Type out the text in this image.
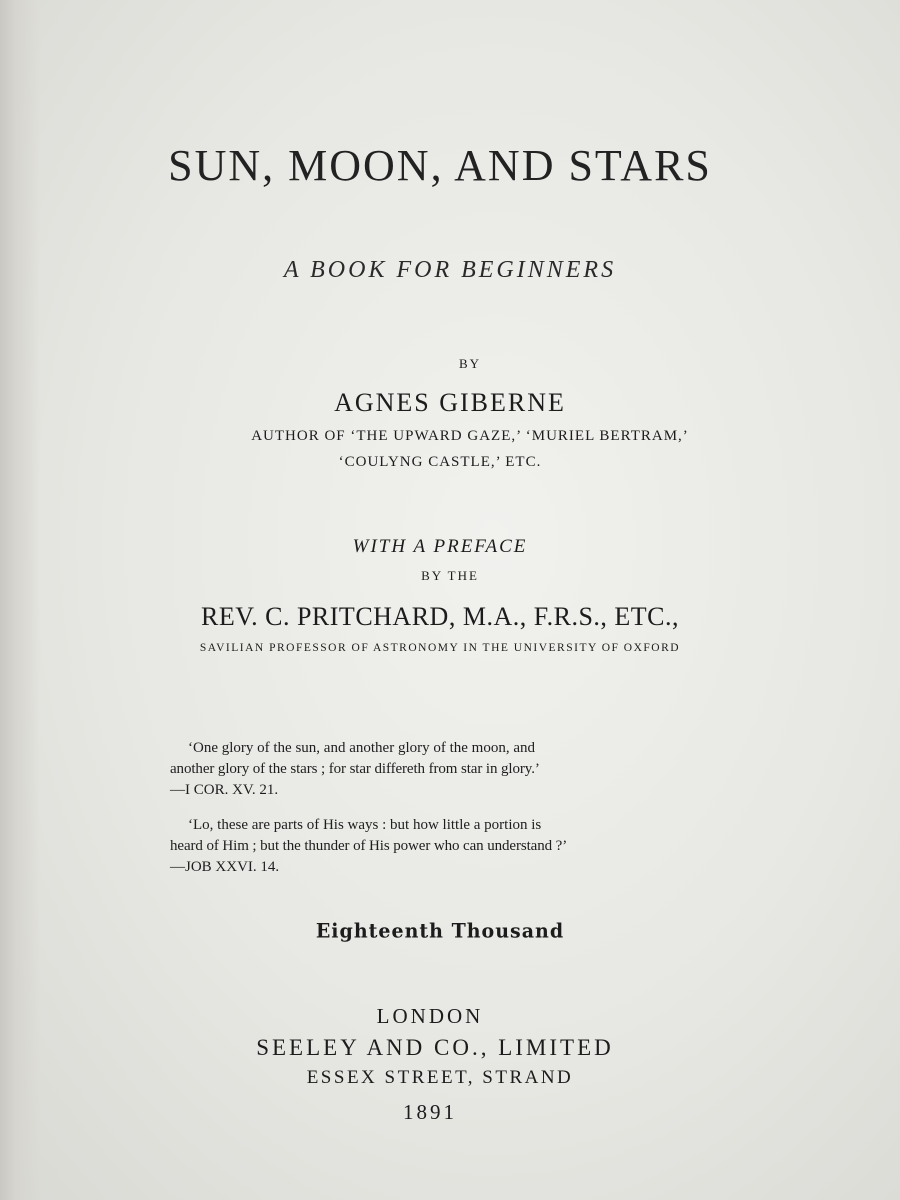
SUN, MOON, AND STARS
A BOOK FOR BEGINNERS
BY
AGNES GIBERNE
AUTHOR OF ‘THE UPWARD GAZE,’ ‘MURIEL BERTRAM,’
‘COULYNG CASTLE,’ ETC.
WITH A PREFACE
BY THE
REV. C. PRITCHARD, M.A., F.R.S., ETC.,
SAVILIAN PROFESSOR OF ASTRONOMY IN THE UNIVERSITY OF OXFORD
‘One glory of the sun, and another glory of the moon, and
another glory of the stars ; for star differeth from star in glory.’
—I COR. XV. 21.
‘Lo, these are parts of His ways : but how little a portion is
heard of Him ; but the thunder of His power who can understand ?’
—JOB XXVI. 14.
Eighteenth Thousand
LONDON
SEELEY AND CO., LIMITED
ESSEX STREET, STRAND
1891
